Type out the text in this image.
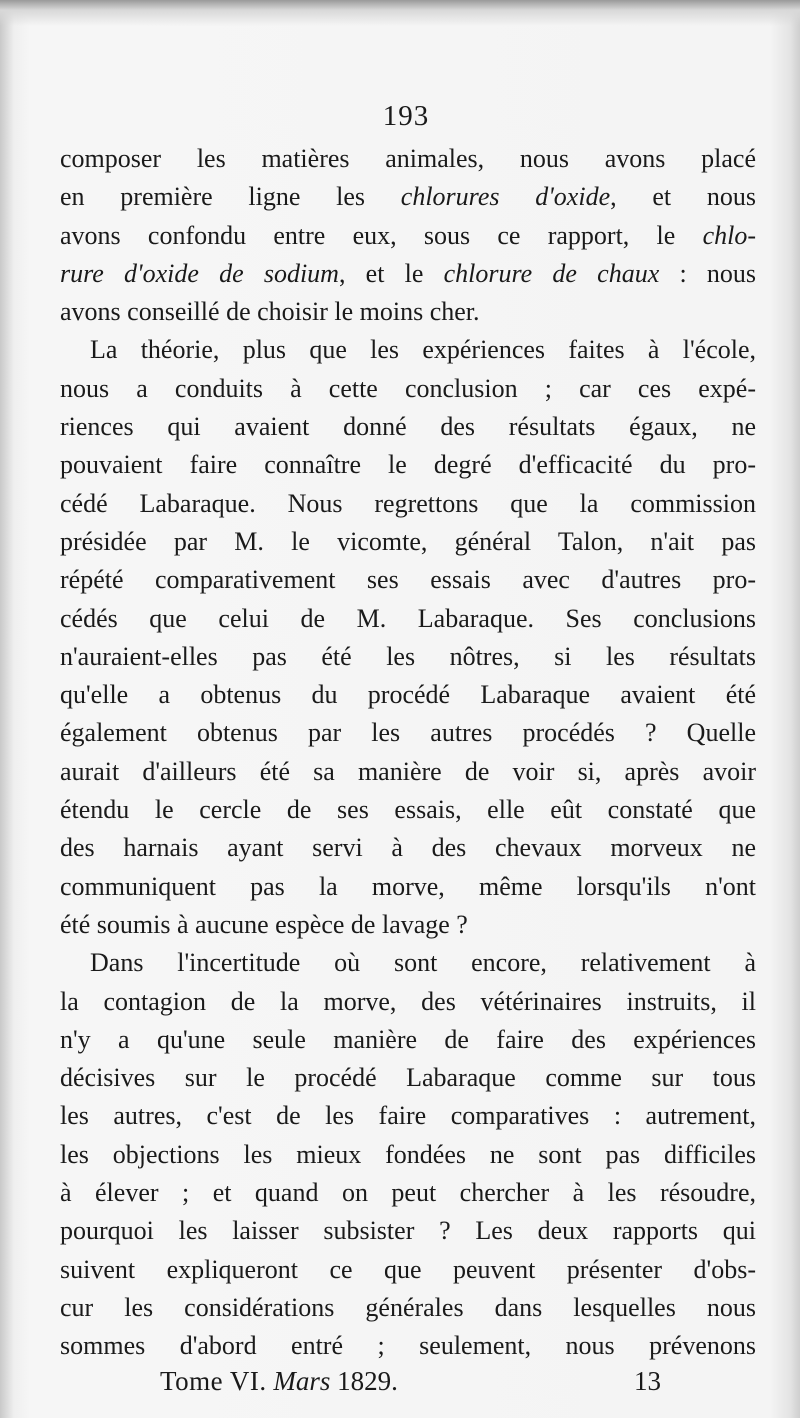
193
composer les matières animales, nous avons placé
en première ligne les chlorures d'oxide, et nous
avons confondu entre eux, sous ce rapport, le chlo-
rure d'oxide de sodium, et le chlorure de chaux : nous
avons conseillé de choisir le moins cher.
La théorie, plus que les expériences faites à l'école,
nous a conduits à cette conclusion ; car ces expé-
riences qui avaient donné des résultats égaux, ne
pouvaient faire connaître le degré d'efficacité du pro-
cédé Labaraque. Nous regrettons que la commission
présidée par M. le vicomte, général Talon, n'ait pas
répété comparativement ses essais avec d'autres pro-
cédés que celui de M. Labaraque. Ses conclusions
n'auraient-elles pas été les nôtres, si les résultats
qu'elle a obtenus du procédé Labaraque avaient été
également obtenus par les autres procédés ? Quelle
aurait d'ailleurs été sa manière de voir si, après avoir
étendu le cercle de ses essais, elle eût constaté que
des harnais ayant servi à des chevaux morveux ne
communiquent pas la morve, même lorsqu'ils n'ont
été soumis à aucune espèce de lavage ?
Dans l'incertitude où sont encore, relativement à
la contagion de la morve, des vétérinaires instruits, il
n'y a qu'une seule manière de faire des expériences
décisives sur le procédé Labaraque comme sur tous
les autres, c'est de les faire comparatives : autrement,
les objections les mieux fondées ne sont pas difficiles
à élever ; et quand on peut chercher à les résoudre,
pourquoi les laisser subsister ? Les deux rapports qui
suivent expliqueront ce que peuvent présenter d'obs-
cur les considérations générales dans lesquelles nous
sommes d'abord entré ; seulement, nous prévenons
Tome VI. Mars 1829.	13
